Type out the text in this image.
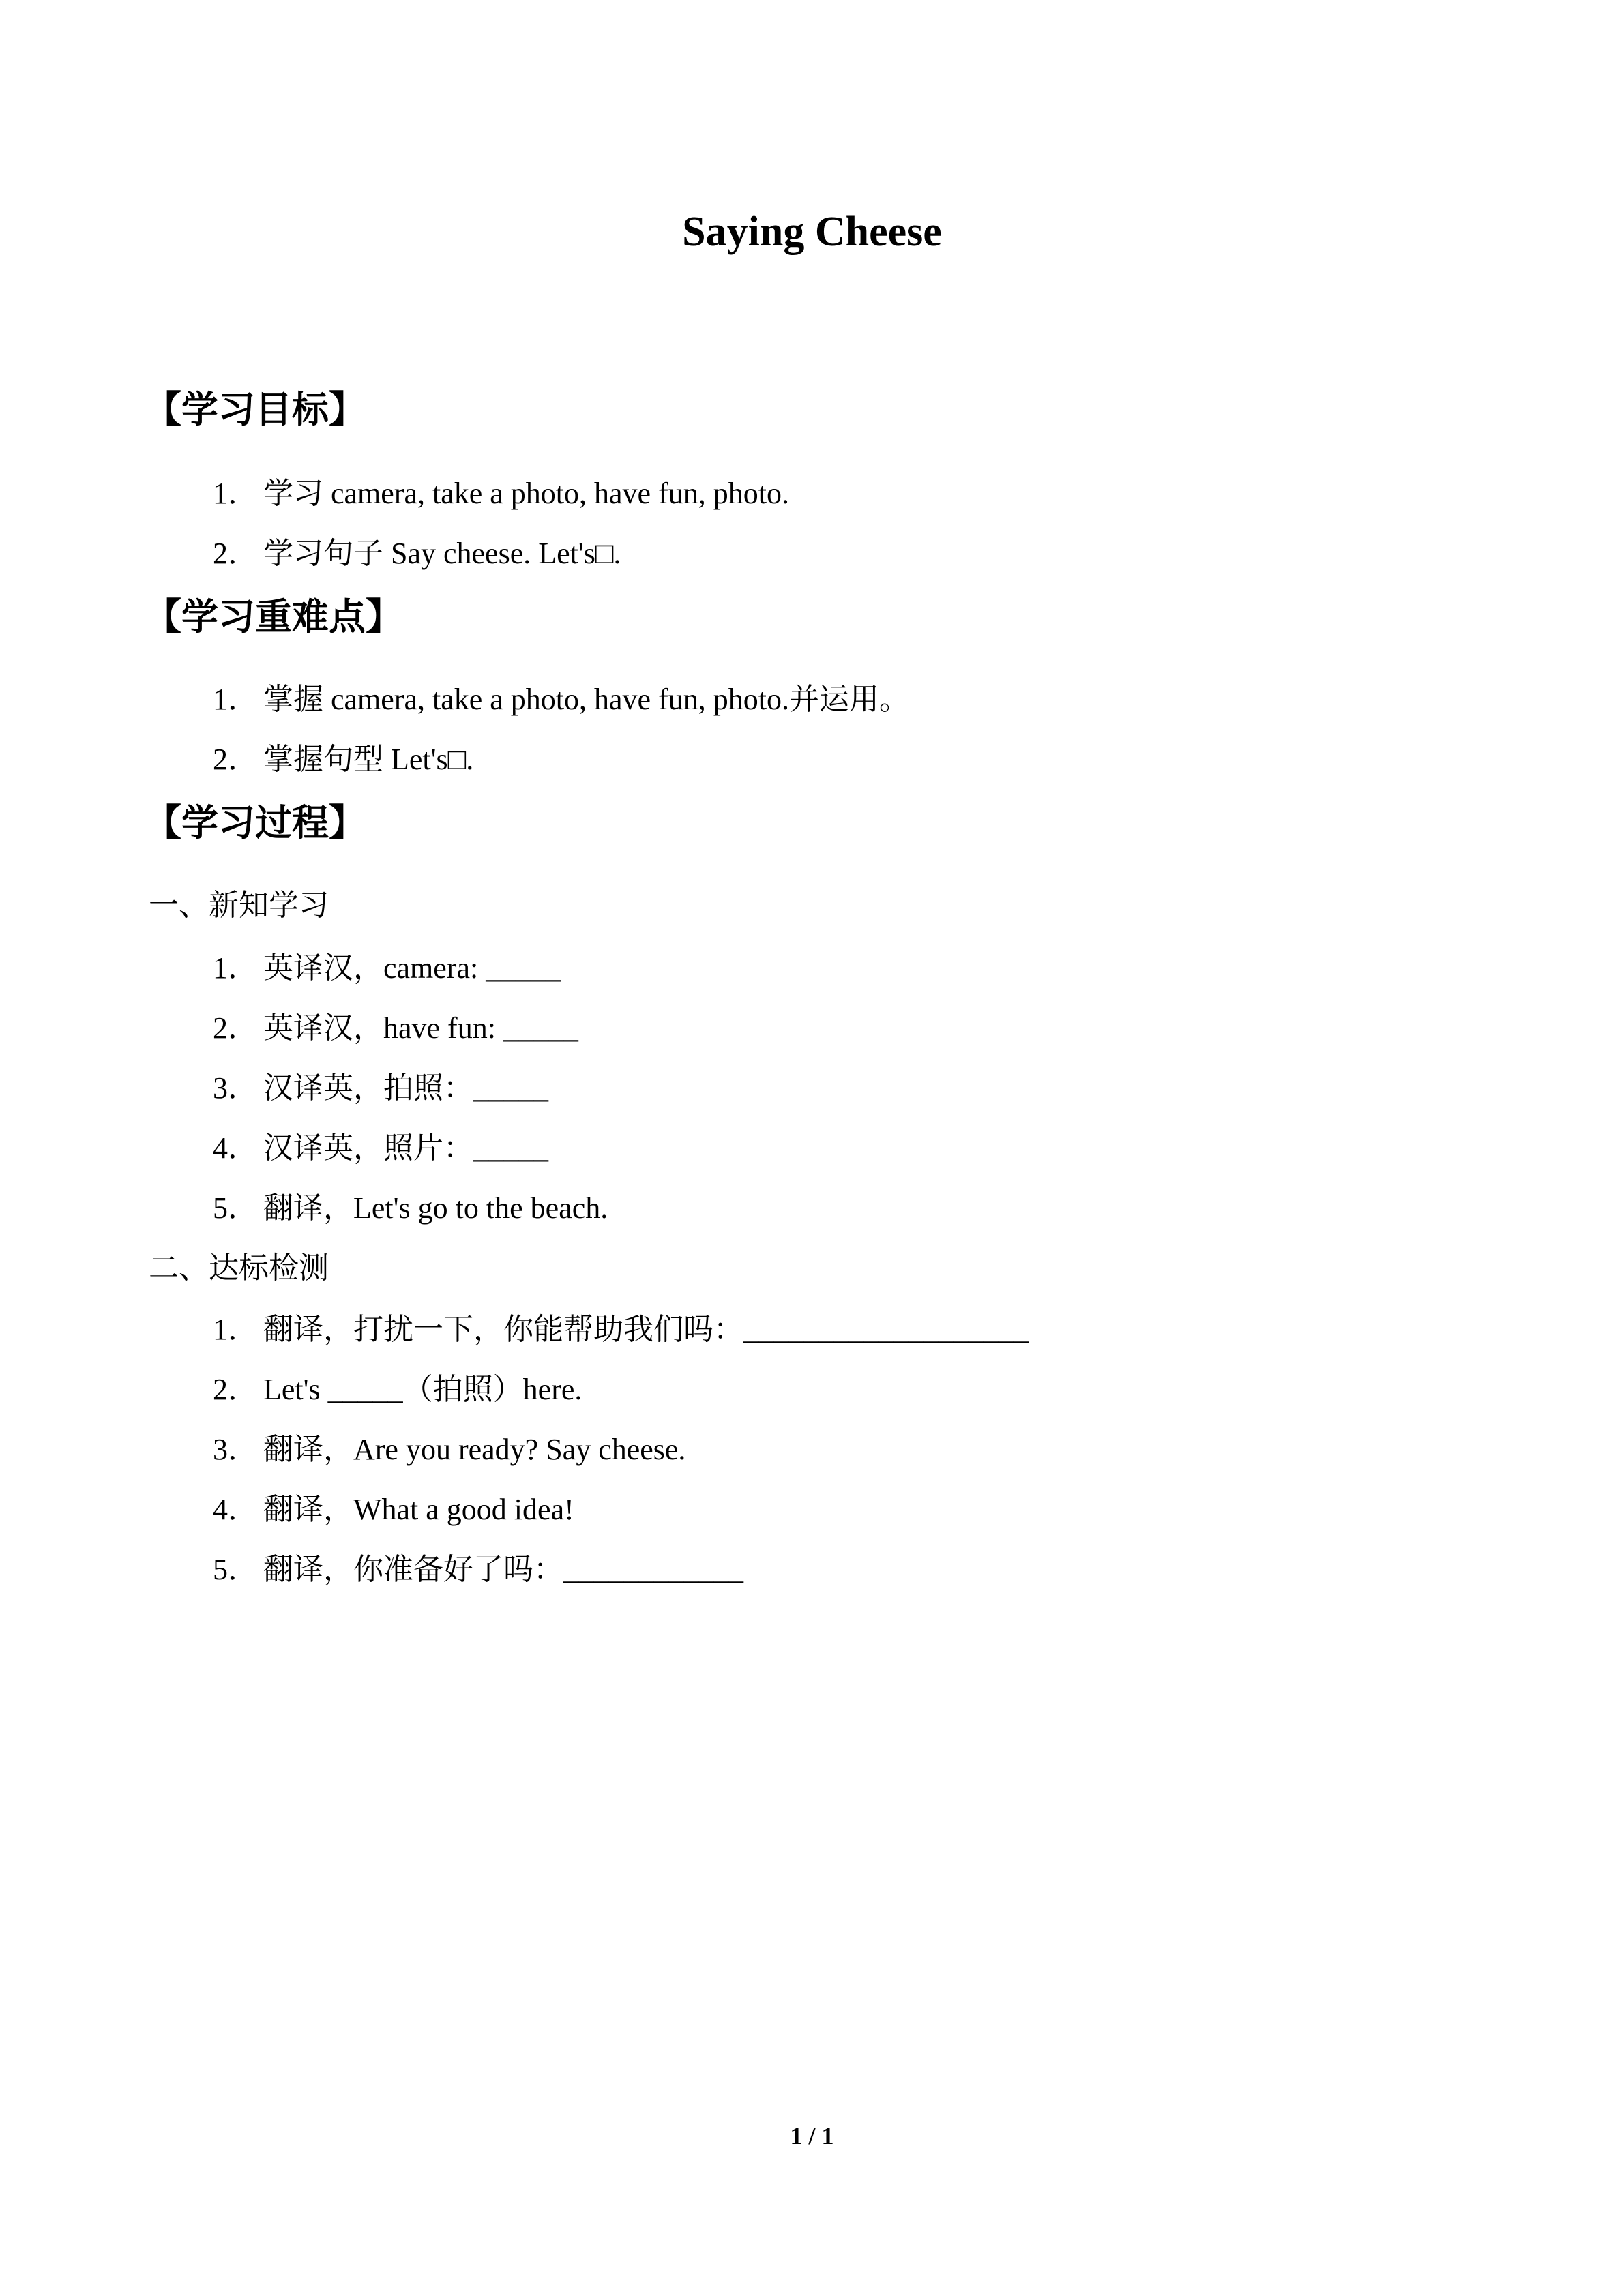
Saying Cheese
【学习目标】
1． 学习 camera, take a photo, have fun, photo.
2． 学习句子 Say cheese. Let's□.
【学习重难点】
1． 掌握 camera, take a photo, have fun, photo.并运用。
2． 掌握句型 Let's□.
【学习过程】
一、新知学习
1． 英译汉，camera: _____
2． 英译汉，have fun: _____
3． 汉译英，拍照：_____
4． 汉译英，照片：_____
5． 翻译，Let's go to the beach.
二、达标检测
1． 翻译，打扰一下，你能帮助我们吗：___________________
2． Let's _____（拍照）here.
3． 翻译，Are you ready? Say cheese.
4． 翻译，What a good idea!
5． 翻译，你准备好了吗：____________
1 / 1
